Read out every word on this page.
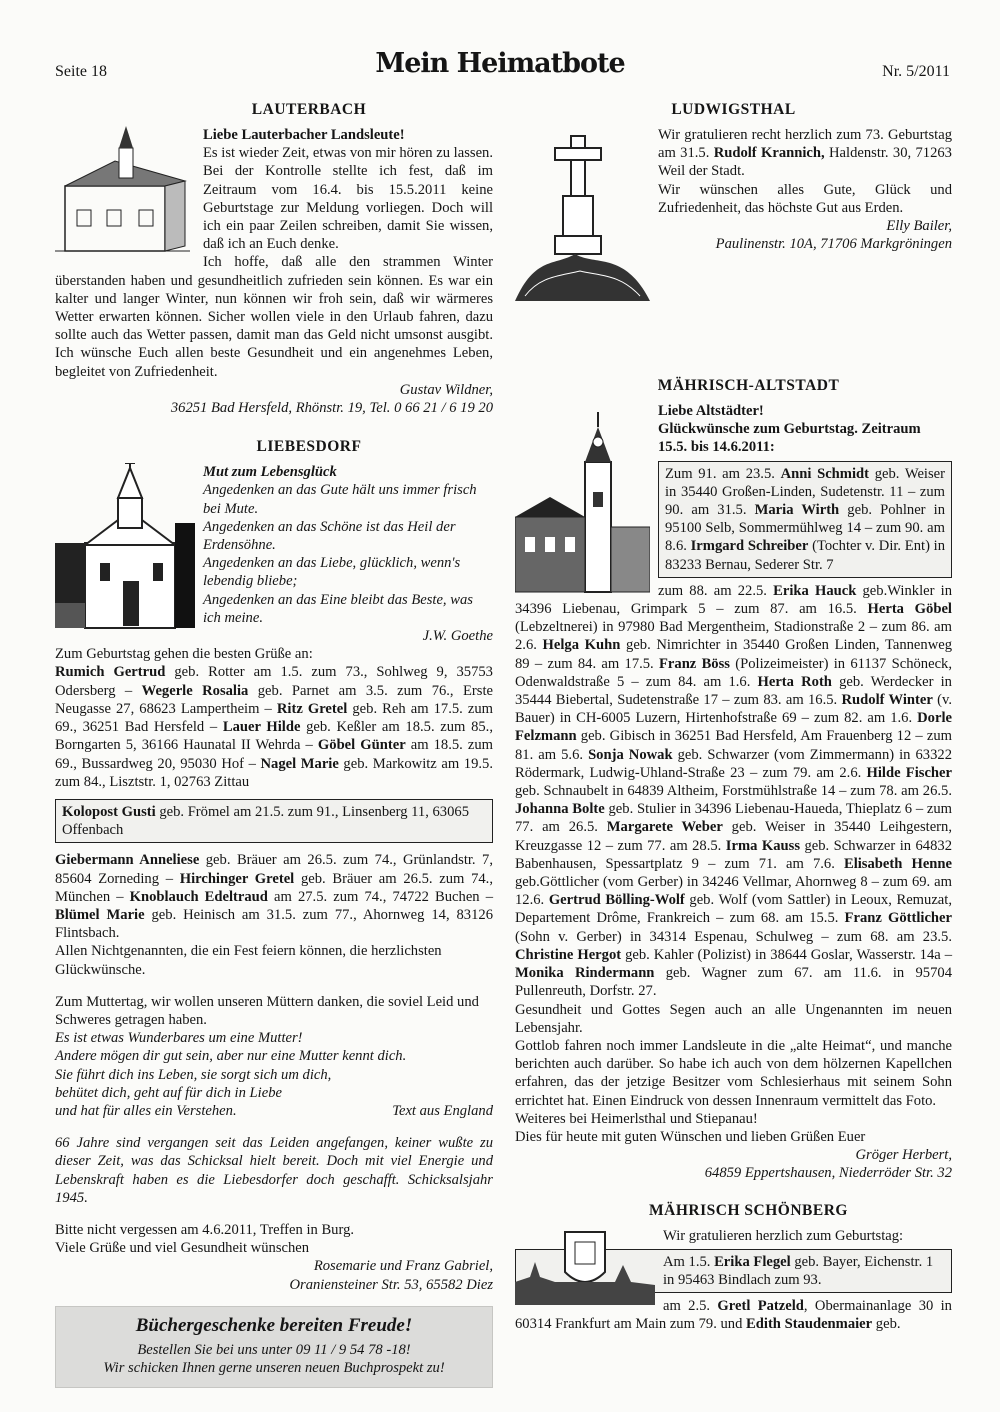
Seite 18	Mein Heimatbote	Nr. 5/2011
LAUTERBACH

Liebe Lauterbacher Landsleute!

Es ist wieder Zeit, etwas von mir hören zu lassen. Bei der Kontrolle stellte ich fest, daß im Zeitraum vom 16.4. bis 15.5.2011 keine Geburtstage zur Meldung vorliegen. Doch will ich ein paar Zeilen schreiben, damit Sie wissen, daß ich an Euch denke.

Ich hoffe, daß alle den strammen Winter überstanden haben und gesundheitlich zufrieden sein können. Es war ein kalter und langer Winter, nun können wir froh sein, daß wir wärmeres Wetter erwarten können. Sicher wollen viele in den Urlaub fahren, dazu sollte auch das Wetter passen, damit man das Geld nicht umsonst ausgibt. Ich wünsche Euch allen beste Gesundheit und ein angenehmes Leben, begleitet von Zufriedenheit.

Gustav Wildner,

36251 Bad Hersfeld, Rhönstr. 19, Tel. 0 66 21 / 6 19 20

LIEBESDORF

Mut zum Lebensglück

Angedenken an das Gute hält uns immer frisch bei Mute.

Angedenken an das Schöne ist das Heil der Erdensöhne.

Angedenken an das Liebe, glücklich, wenn's lebendig bliebe;

Angedenken an das Eine bleibt das Beste, was ich meine.

J.W. Goethe

Zum Geburtstag gehen die besten Grüße an:

Rumich Gertrud geb. Rotter am 1.5. zum 73., Sohlweg 9, 35753 Odersberg – Wegerle Rosalia geb. Parnet am 3.5. zum 76., Erste Neugasse 27, 68623 Lampertheim – Ritz Gretel geb. Reh am 17.5. zum 69., 36251 Bad Hersfeld – Lauer Hilde geb. Keßler am 18.5. zum 85., Borngarten 5, 36166 Haunatal II Wehrda – Göbel Günter am 18.5. zum 69., Bussardweg 20, 95030 Hof – Nagel Marie geb. Markowitz am 19.5. zum 84., Lisztstr. 1, 02763 Zittau

Kolopost Gusti geb. Frömel am 21.5. zum 91., Linsenberg 11, 63065 Offenbach

Giebermann Anneliese geb. Bräuer am 26.5. zum 74., Grünlandstr. 7, 85604 Zorneding – Hirchinger Gretel geb. Bräuer am 26.5. zum 74., München – Knoblauch Edeltraud am 27.5. zum 74., 74722 Buchen – Blümel Marie geb. Heinisch am 31.5. zum 77., Ahornweg 14, 83126 Flintsbach.

Allen Nichtgenannten, die ein Fest feiern können, die herzlichsten Glückwünsche.

Zum Muttertag, wir wollen unseren Müttern danken, die soviel Leid und Schweres getragen haben.

Es ist etwas Wunderbares um eine Mutter!

Andere mögen dir gut sein, aber nur eine Mutter kennt dich.

Sie führt dich ins Leben, sie sorgt sich um dich,

behütet dich, geht auf für dich in Liebe

und hat für alles ein Verstehen.	Text aus England

66 Jahre sind vergangen seit das Leiden angefangen, keiner wußte zu dieser Zeit, was das Schicksal hielt bereit. Doch mit viel Energie und Lebenskraft haben es die Liebesdorfer doch geschafft. Schicksalsjahr 1945.

Bitte nicht vergessen am 4.6.2011, Treffen in Burg.

Viele Grüße und viel Gesundheit wünschen

Rosemarie und Franz Gabriel,

Oraniensteiner Str. 53, 65582 Diez

Büchergeschenke bereiten Freude!
Bestellen Sie bei uns unter 09 11 / 9 54 78 -18!
Wir schicken Ihnen gerne unseren neuen Buchprospekt zu!
LUDWIGSTHAL

Wir gratulieren recht herzlich zum 73. Geburtstag am 31.5. Rudolf Krannich, Haldenstr. 30, 71263 Weil der Stadt.

Wir wünschen alles Gute, Glück und Zufriedenheit, das höchste Gut aus Erden.

Elly Bailer,

Paulinenstr. 10A, 71706 Markgröningen

MÄHRISCH-ALTSTADT

Liebe Altstädter!

Glückwünsche zum Geburtstag. Zeitraum 15.5. bis 14.6.2011:

Zum 91. am 23.5. Anni Schmidt geb. Weiser in 35440 Großen-Linden, Sudetenstr. 11 – zum 90. am 31.5. Maria Wirth geb. Pohlner in 95100 Selb, Sommermühlweg 14 – zum 90. am 8.6. Irmgard Schreiber (Tochter v. Dir. Ent) in 83233 Bernau, Sederer Str. 7

zum 88. am 22.5. Erika Hauck geb.Winkler in 34396 Liebenau, Grimpark 5 – zum 87. am 16.5. Herta Göbel (Lebzeltnerei) in 97980 Bad Mergentheim, Stadionstraße 2 – zum 86. am 2.6. Helga Kuhn geb. Nimrichter in 35440 Großen Linden, Tannenweg 89 – zum 84. am 17.5. Franz Böss (Polizeimeister) in 61137 Schöneck, Odenwaldstraße 5 – zum 84. am 1.6. Herta Roth geb. Werdecker in 35444 Biebertal, Sudetenstraße 17 – zum 83. am 16.5. Rudolf Winter (v. Bauer) in CH-6005 Luzern, Hirtenhofstraße 69 – zum 82. am 1.6. Dorle Felzmann geb. Gibisch in 36251 Bad Hersfeld, Am Frauenberg 12 – zum 81. am 5.6. Sonja Nowak geb. Schwarzer (vom Zimmermann) in 63322 Rödermark, Ludwig-Uhland-Straße 23 – zum 79. am 2.6. Hilde Fischer geb. Schnaubelt in 64839 Altheim, Forstmühlstraße 14 – zum 78. am 26.5. Johanna Bolte geb. Stulier in 34396 Liebenau-Haueda, Thieplatz 6 – zum 77. am 26.5. Margarete Weber geb. Weiser in 35440 Leihgestern, Kreuzgasse 12 – zum 77. am 28.5. Irma Kauss geb. Schwarzer in 64832 Babenhausen, Spessartplatz 9 – zum 71. am 7.6. Elisabeth Henne geb.Göttlicher (vom Gerber) in 34246 Vellmar, Ahornweg 8 – zum 69. am 12.6. Gertrud Bölling-Wolf geb. Wolf (vom Sattler) in Leoux, Remuzat, Departement Drôme, Frankreich – zum 68. am 15.5. Franz Göttlicher (Sohn v. Gerber) in 34314 Espenau, Schulweg – zum 68. am 23.5. Christine Hergot geb. Kahler (Polizist) in 38644 Goslar, Wasserstr. 14a – Monika Rindermann geb. Wagner zum 67. am 11.6. in 95704 Pullenreuth, Dorfstr. 27.

Gesundheit und Gottes Segen auch an alle Ungenannten im neuen Lebensjahr.

Gottlob fahren noch immer Landsleute in die „alte Heimat“, und manche berichten auch darüber. So habe ich auch von dem hölzernen Kapellchen erfahren, das der jetzige Besitzer vom Schlesierhaus mit seinem Sohn errichtet hat. Einen Eindruck von dessen Innenraum vermittelt das Foto.

Weiteres bei Heimerlsthal und Stiepanau!

Dies für heute mit guten Wünschen und lieben Grüßen Euer

Gröger Herbert,

64859 Eppertshausen, Niederröder Str. 32

MÄHRISCH SCHÖNBERG

Wir gratulieren herzlich zum Geburtstag:

Am 1.5. Erika Flegel geb. Bayer, Eichenstr. 1 in 95463 Bindlach zum 93.

am 2.5. Gretl Patzeld, Obermainanlage 30 in 60314 Frankfurt am Main zum 79. und Edith Staudenmaier geb.
